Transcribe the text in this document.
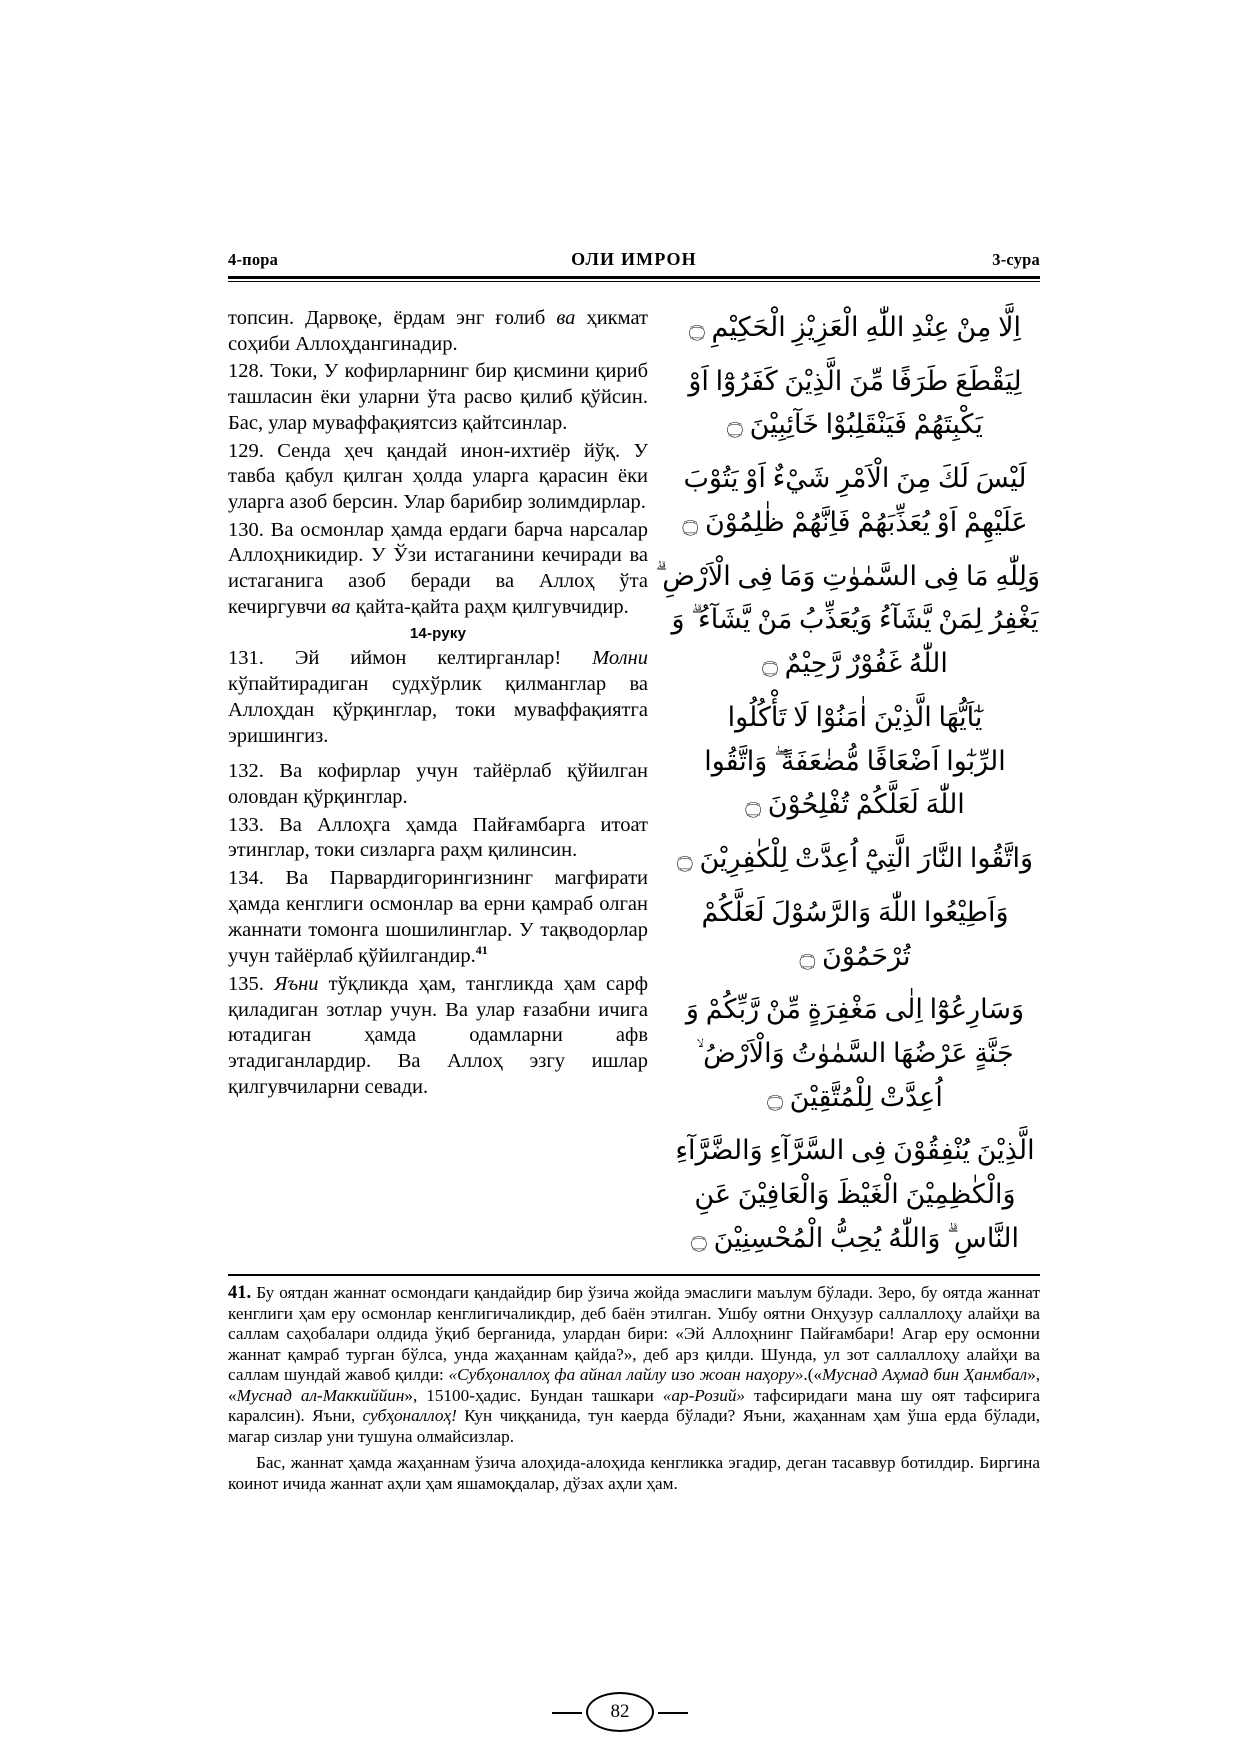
4-пора	ОЛИ ИМРОН	3-сура

топсин. Дарвоқе, ёрдам энг ғолиб ва ҳикмат соҳиби Аллоҳдангинадир.

128. Токи, У кофирларнинг бир қисмини қириб ташласин ёки уларни ўта расво қилиб қўйсин. Бас, улар муваффақиятсиз қайтсинлар.

129. Сенда ҳеч қандай инон-ихтиёр йўқ. У тавба қабул қилган ҳолда уларга қарасин ёки уларга азоб берсин. Улар барибир золимдирлар.

130. Ва осмонлар ҳамда ердаги барча нарсалар Аллоҳникидир. У Ўзи истаганини кечиради ва истаганига азоб беради ва Аллоҳ ўта кечиргувчи ва қайта-қайта раҳм қилгувчидир.

14-руку

131. Эй иймон келтирганлар! Молни кўпайтирадиган судхўрлик қилманглар ва Аллоҳдан қўрқинглар, токи муваффақиятга эришингиз.

132. Ва кофирлар учун тайёрлаб қўйилган оловдан қўрқинглар.

133. Ва Аллоҳга ҳамда Пайғамбарга итоат этинглар, токи сизларга раҳм қилинсин.

134. Ва Парвардигорингизнинг магфирати ҳамда кенглиги осмонлар ва ерни қамраб олган жаннати томонга шошилинглар. У тақводорлар учун тайёрлаб қўйилгандир.$^{41}$

135. Яъни тўқликда ҳам, тангликда ҳам сарф қиладиган зотлар учун. Ва улар ғазабни ичига ютадиган ҳамда одамларни афв этадиганлардир. Ва Аллоҳ эзгу ишлар қилгувчиларни севади.

اِلَّا مِنْ عِنْدِ اللّٰهِ الْعَزِيْزِ الْحَكِيْمِ ۝
لِيَقْطَعَ طَرَفًا مِّنَ الَّذِيْنَ كَفَرُوْٓا اَوْ
يَكْبِتَهُمْ فَيَنْقَلِبُوْا خَآئِبِيْنَ ۝
لَيْسَ لَكَ مِنَ الْاَمْرِ شَيْءٌ اَوْ يَتُوْبَ
عَلَيْهِمْ اَوْ يُعَذِّبَهُمْ فَاِنَّهُمْ ظٰلِمُوْنَ ۝
وَلِلّٰهِ مَا فِى السَّمٰوٰتِ وَمَا فِى الْاَرْضِ ۗ
يَغْفِرُ لِمَنْ يَّشَآءُ وَيُعَذِّبُ مَنْ يَّشَآءُ ۗ وَ
اللّٰهُ غَفُوْرٌ رَّحِيْمٌ ۝
يٰٓاَيُّهَا الَّذِيْنَ اٰمَنُوْا لَا تَأْكُلُوا
الرِّبٰٓوا اَضْعَافًا مُّضٰعَفَةً ۖ وَاتَّقُوا
اللّٰهَ لَعَلَّكُمْ تُفْلِحُوْنَ ۝
وَاتَّقُوا النَّارَ الَّتِيْٓ اُعِدَّتْ لِلْكٰفِرِيْنَ ۝
وَاَطِيْعُوا اللّٰهَ وَالرَّسُوْلَ لَعَلَّكُمْ
تُرْحَمُوْنَ ۝
وَسَارِعُوْٓا اِلٰى مَغْفِرَةٍ مِّنْ رَّبِّكُمْ وَ
جَنَّةٍ عَرْضُهَا السَّمٰوٰتُ وَالْاَرْضُ ۙ
اُعِدَّتْ لِلْمُتَّقِيْنَ ۝
الَّذِيْنَ يُنْفِقُوْنَ فِى السَّرَّآءِ وَالضَّرَّآءِ
وَالْكٰظِمِيْنَ الْغَيْظَ وَالْعَافِيْنَ عَنِ
النَّاسِ ۗ وَاللّٰهُ يُحِبُّ الْمُحْسِنِيْنَ ۝

41. Бу оятдан жаннат осмондаги қандайдир бир ўзича жойда эмаслиги маълум бўлади. Зеро, бу оятда жаннат кенглиги ҳам еру осмонлар кенглигичаликдир, деб баён этилган. Ушбу оятни Онҳузур саллаллоҳу алайҳи ва саллам саҳобалари олдида ўқиб берганида, улардан бири: «Эй Аллоҳнинг Пайғамбари! Агар еру осмонни жаннат қамраб турган бўлса, унда жаҳаннам қайда?», деб арз қилди. Шунда, ул зот саллаллоҳу алайҳи ва саллам шундай жавоб қилди: «Субҳоналлоҳ фа айнал лайлу изо жоан наҳору».(«Муснад Аҳмад бин Ҳанмбал», «Муснад ал-Маккиййин», 15100-ҳадис. Бундан ташкари «ар-Розий» тафсиридаги мана шу оят тафсирига каралсин). Яъни, субҳоналлоҳ! Кун чиққанида, тун каерда бўлади? Яъни, жаҳаннам ҳам ўша ерда бўлади, магар сизлар уни тушуна олмайсизлар.

Бас, жаннат ҳамда жаҳаннам ўзича алоҳида-алоҳида кенгликка эгадир, деган тасаввур ботилдир. Биргина коинот ичида жаннат аҳли ҳам яшамоқдалар, дўзах аҳли ҳам.

82
